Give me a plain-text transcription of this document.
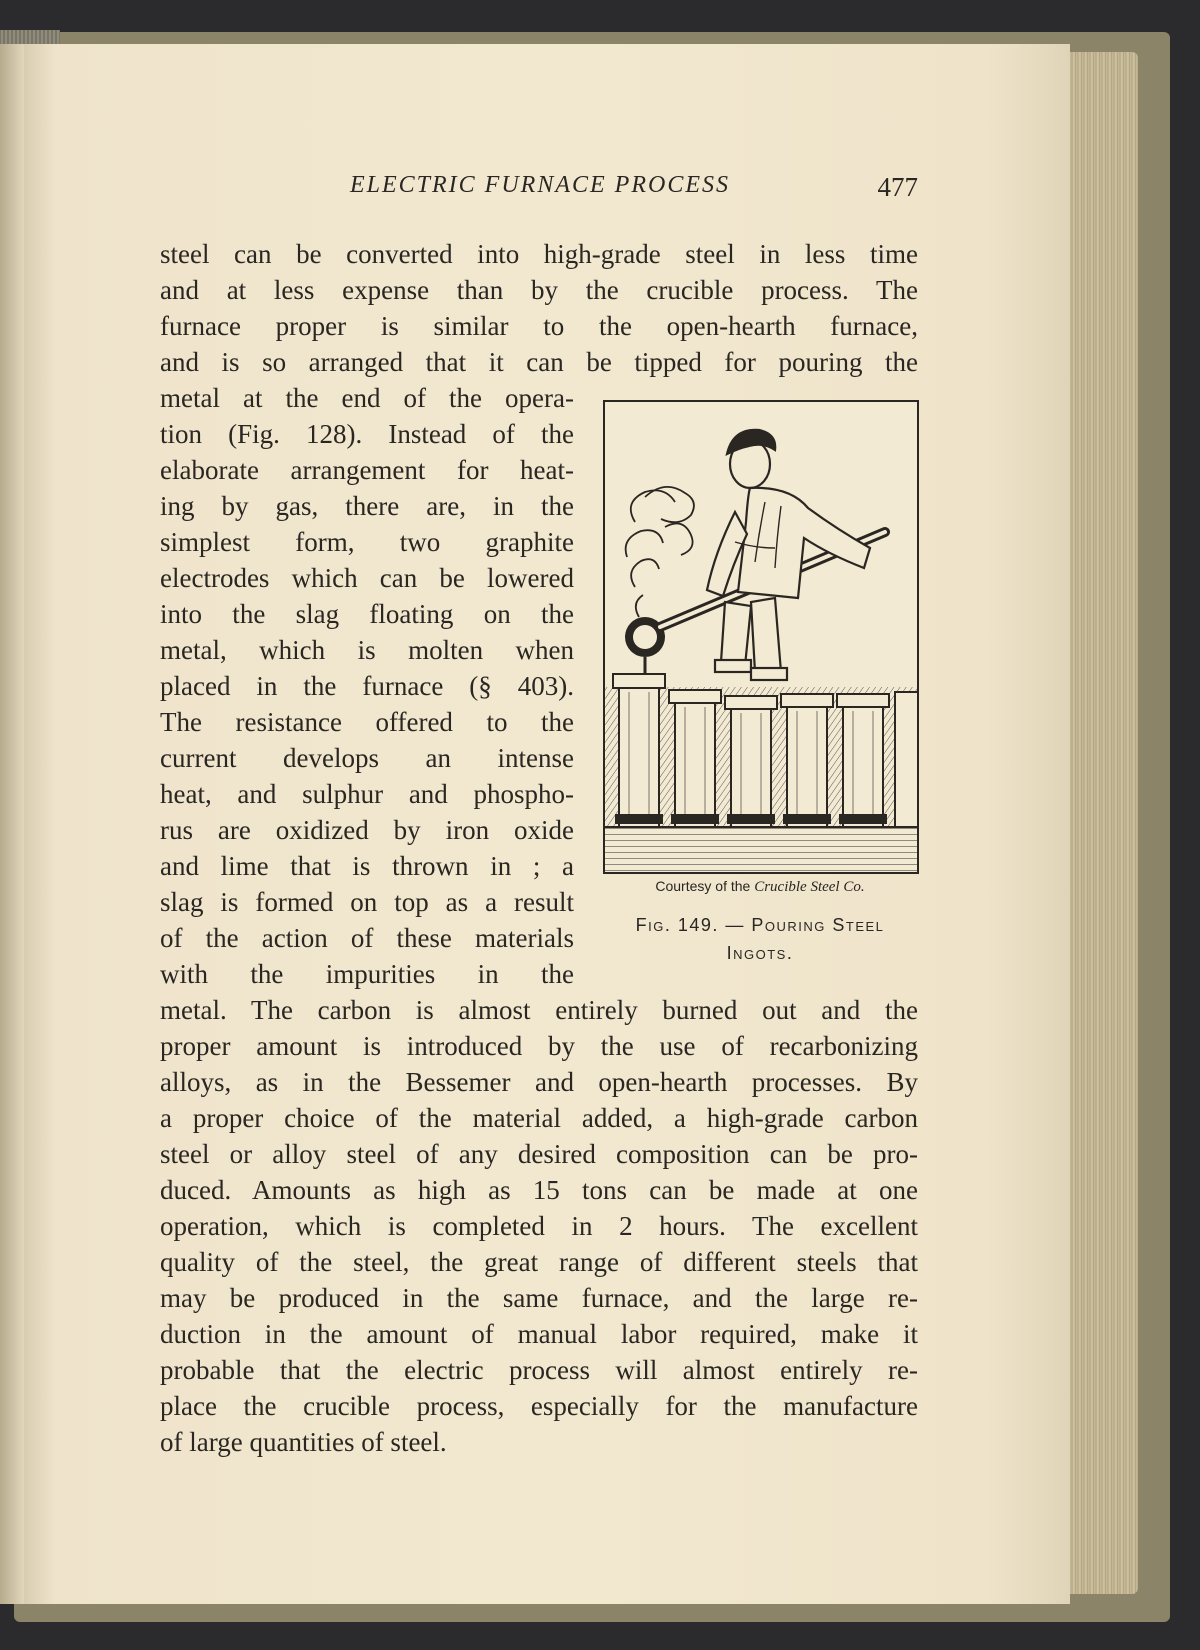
ELECTRIC FURNACE PROCESS	477
steel can be converted into high-grade steel in less time
and at less expense than by the crucible process. The
furnace proper is similar to the open-hearth furnace,
and is so arranged that it can be tipped for pouring the
metal at the end of the opera-
tion (Fig. 128). Instead of the
elaborate arrangement for heat-
ing by gas, there are, in the
simplest form, two graphite
electrodes which can be lowered
into the slag floating on the
metal, which is molten when
placed in the furnace (§ 403).
The resistance offered to the
current develops an intense
heat, and sulphur and phospho-
rus are oxidized by iron oxide
and lime that is thrown in ; a
slag is formed on top as a result
of the action of these materials
with the impurities in the
metal. The carbon is almost entirely burned out and the
proper amount is introduced by the use of recarbonizing
alloys, as in the Bessemer and open-hearth processes. By
a proper choice of the material added, a high-grade carbon
steel or alloy steel of any desired composition can be pro-
duced. Amounts as high as 15 tons can be made at one
operation, which is completed in 2 hours. The excellent
quality of the steel, the great range of different steels that
may be produced in the same furnace, and the large re-
duction in the amount of manual labor required, make it
probable that the electric process will almost entirely re-
place the crucible process, especially for the manufacture
of large quantities of steel.
Courtesy of the Crucible Steel Co.
Fig. 149. — Pouring Steel
Ingots.
